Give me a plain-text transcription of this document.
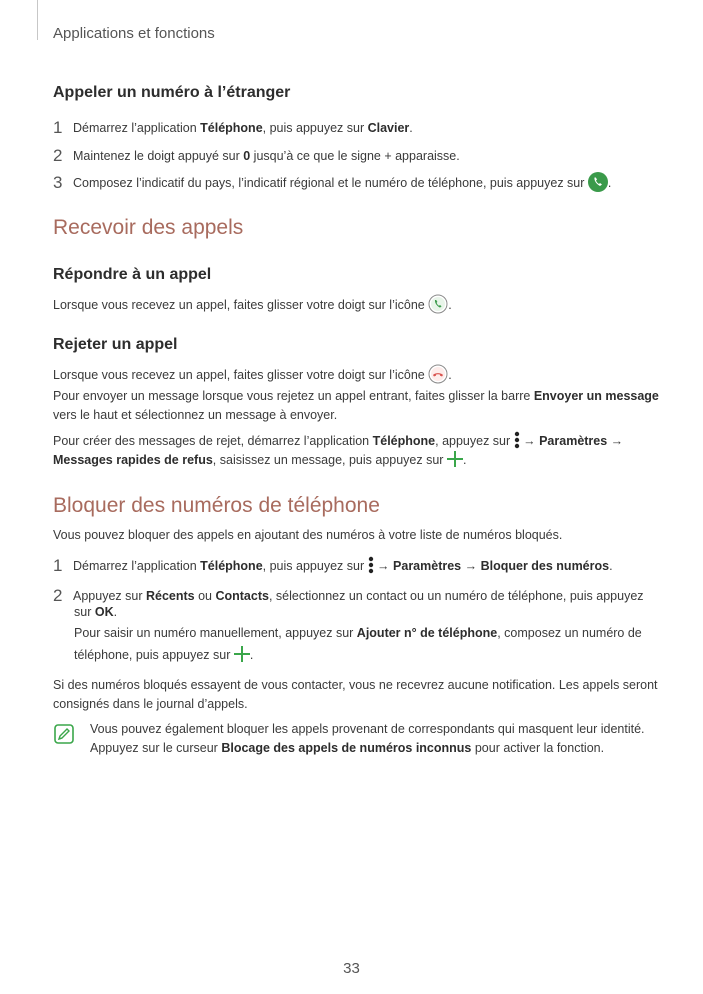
Applications et fonctions
Appeler un numéro à l’étranger
1 Démarrez l’application Téléphone, puis appuyez sur Clavier.
2 Maintenez le doigt appuyé sur 0 jusqu’à ce que le signe + apparaisse.
3 Composez l’indicatif du pays, l’indicatif régional et le numéro de téléphone, puis appuyez sur .
Recevoir des appels
Répondre à un appel
Lorsque vous recevez un appel, faites glisser votre doigt sur l’icône .
Rejeter un appel
Lorsque vous recevez un appel, faites glisser votre doigt sur l’icône .
Pour envoyer un message lorsque vous rejetez un appel entrant, faites glisser la barre Envoyer un message
vers le haut et sélectionnez un message à envoyer.
Pour créer des messages de rejet, démarrez l’application Téléphone, appuyez sur  → Paramètres →
Messages rapides de refus, saisissez un message, puis appuyez sur .
Bloquer des numéros de téléphone
Vous pouvez bloquer des appels en ajoutant des numéros à votre liste de numéros bloqués.
1 Démarrez l’application Téléphone, puis appuyez sur  → Paramètres → Bloquer des numéros.
2 Appuyez sur Récents ou Contacts, sélectionnez un contact ou un numéro de téléphone, puis appuyez
sur OK.
Pour saisir un numéro manuellement, appuyez sur Ajouter n° de téléphone, composez un numéro de
téléphone, puis appuyez sur .
Si des numéros bloqués essayent de vous contacter, vous ne recevrez aucune notification. Les appels seront
consignés dans le journal d’appels.
Vous pouvez également bloquer les appels provenant de correspondants qui masquent leur identité.
Appuyez sur le curseur Blocage des appels de numéros inconnus pour activer la fonction.
33
